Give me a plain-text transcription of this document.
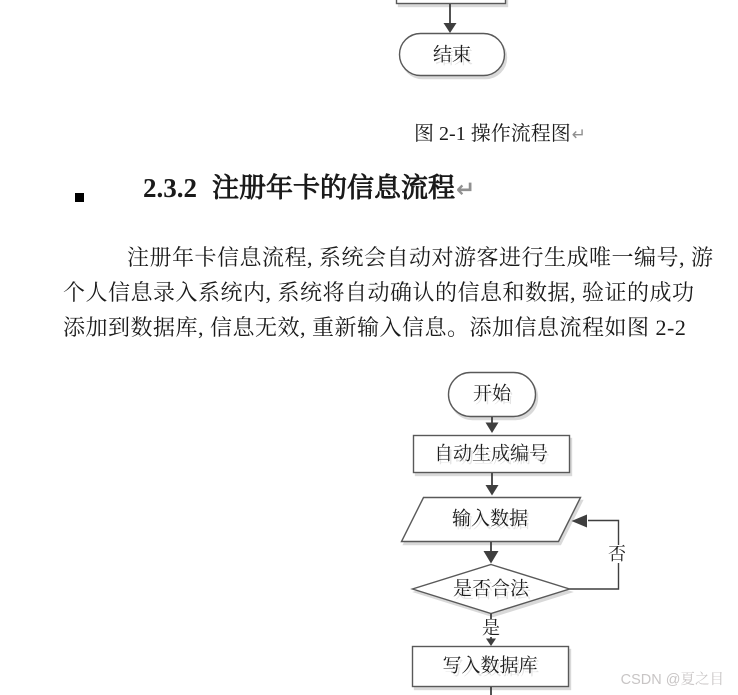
结束
图 2-1 操作流程图↵
2.3.2 注册年卡的信息流程↵
注册年卡信息流程, 系统会自动对游客进行生成唯一编号, 游
个人信息录入系统内, 系统将自动确认的信息和数据, 验证的成功
添加到数据库, 信息无效, 重新输入信息。添加信息流程如图 2-2
开始
自动生成编号
输入数据
是否合法
否
是
写入数据库
CSDN @夏之目
